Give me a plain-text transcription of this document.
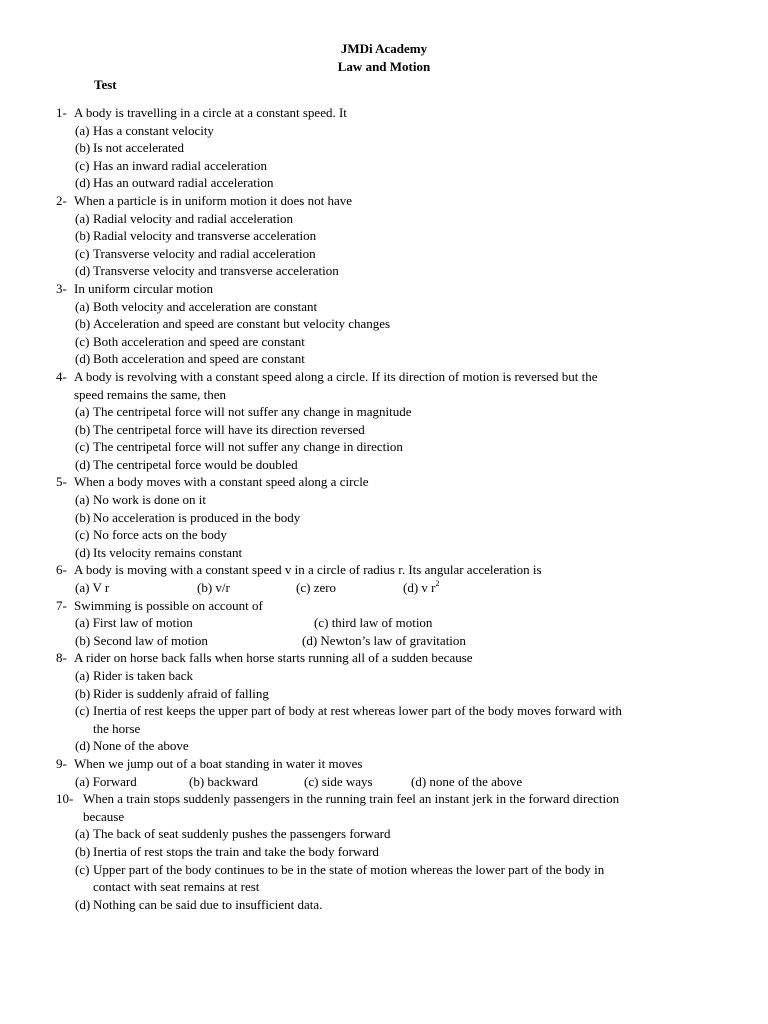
JMDi Academy
Law and Motion
Test
1- A body is travelling in a circle at a constant speed. It
(a) Has a constant velocity
(b) Is not accelerated
(c) Has an inward radial acceleration
(d) Has an outward radial acceleration
2- When a particle is in uniform motion it does not have
(a) Radial velocity and radial acceleration
(b) Radial velocity and transverse acceleration
(c) Transverse velocity and radial acceleration
(d) Transverse velocity and transverse acceleration
3- In uniform circular motion
(a) Both velocity and acceleration are constant
(b) Acceleration and speed are constant but velocity changes
(c) Both acceleration and speed are constant
(d) Both acceleration and speed are constant
4- A body is revolving with a constant speed along a circle. If its direction of motion is reversed but the
speed remains the same, then
(a) The centripetal force will not suffer any change in magnitude
(b) The centripetal force will have its direction reversed
(c) The centripetal force will not suffer any change in direction
(d) The centripetal force would be doubled
5- When a body moves with a constant speed along a circle
(a) No work is done on it
(b) No acceleration is produced in the body
(c) No force acts on the body
(d) Its velocity remains constant
6- A body is moving with a constant speed v in a circle of radius r. Its angular acceleration is
(a) V r	(b) v/r	(c) zero	(d) v $r^2$
7- Swimming is possible on account of
(a) First law of motion	(c) third law of motion
(b) Second law of motion	(d) Newton’s law of gravitation
8- A rider on horse back falls when horse starts running all of a sudden because
(a) Rider is taken back
(b) Rider is suddenly afraid of falling
(c) Inertia of rest keeps the upper part of body at rest whereas lower part of the body moves forward with
the horse
(d) None of the above
9- When we jump out of a boat standing in water it moves
(a) Forward	(b) backward	(c) side ways	(d) none of the above
10- When a train stops suddenly passengers in the running train feel an instant jerk in the forward direction
because
(a) The back of seat suddenly pushes the passengers forward
(b) Inertia of rest stops the train and take the body forward
(c) Upper part of the body continues to be in the state of motion whereas the lower part of the body in
contact with seat remains at rest
(d) Nothing can be said due to insufficient data.
